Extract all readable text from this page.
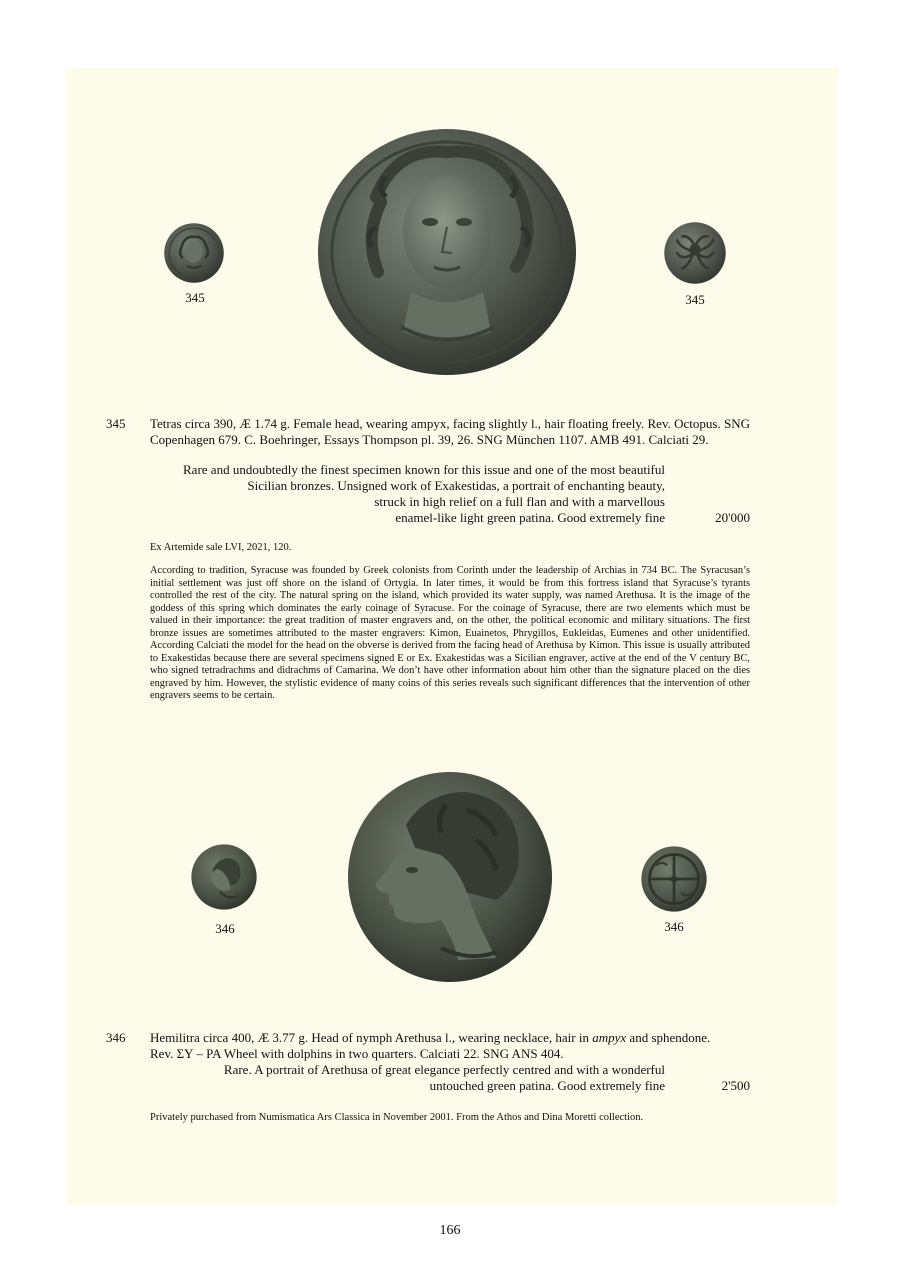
345	345
345 Tetras circa 390, Æ 1.74 g. Female head, wearing ampyx, facing slightly l., hair floating freely. Rev. Octopus. SNG Copenhagen 679. C. Boehringer, Essays Thompson pl. 39, 26. SNG München 1107. AMB 491. Calciati 29.
Rare and undoubtedly the finest specimen known for this issue and one of the most beautiful
Sicilian bronzes. Unsigned work of Exakestidas, a portrait of enchanting beauty,
struck in high relief on a full flan and with a marvellous
enamel-like light green patina. Good extremely fine	20'000
Ex Artemide sale LVI, 2021, 120.
According to tradition, Syracuse was founded by Greek colonists from Corinth under the leadership of Archias in 734 BC. The Syracusan’s initial settlement was just off shore on the island of Ortygia. In later times, it would be from this fortress island that Syracuse’s tyrants controlled the rest of the city. The natural spring on the island, which provided its water supply, was named Arethusa. It is the image of the goddess of this spring which dominates the early coinage of Syracuse. For the coinage of Syracuse, there are two elements which must be valued in their importance: the great tradition of master engravers and, on the other, the political economic and military situations. The first bronze issues are sometimes attributed to the master engravers: Kimon, Euainetos, Phrygillos, Eukleidas, Eumenes and other unidentified. According Calciati the model for the head on the obverse is derived from the facing head of Arethusa by Kimon. This issue is usually attributed to Exakestidas because there are several specimens signed E or Ex. Exakestidas was a Sicilian engraver, active at the end of the V century BC, who signed tetradrachms and didrachms of Camarina. We don’t have other information about him other than the signature placed on the dies engraved by him. However, the stylistic evidence of many coins of this series reveals such significant differences that the intervention of other engravers seems to be certain.
346	346
346 Hemilitra circa 400, Æ 3.77 g. Head of nymph Arethusa l., wearing necklace, hair in ampyx and sphendone.
Rev. ΣΥ – PA Wheel with dolphins in two quarters. Calciati 22. SNG ANS 404.
Rare. A portrait of Arethusa of great elegance perfectly centred and with a wonderful
untouched green patina. Good extremely fine	2'500
Privately purchased from Numismatica Ars Classica in November 2001. From the Athos and Dina Moretti collection.
166
